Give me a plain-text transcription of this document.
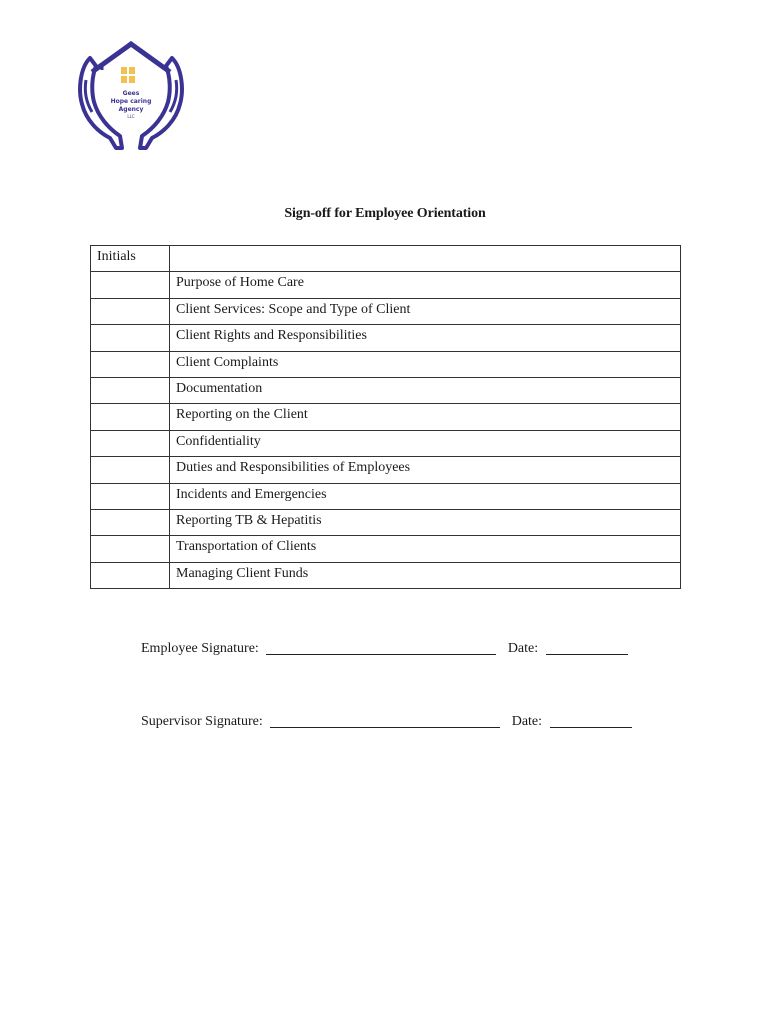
Gees
Hope caring
Agency
LLC
Sign-off for Employee Orientation
Initials	
	Purpose of Home Care
	Client Services: Scope and Type of Client
	Client Rights and Responsibilities
	Client Complaints
	Documentation
	Reporting on the Client
	Confidentiality
	Duties and Responsibilities of Employees
	Incidents and Emergencies
	Reporting TB & Hepatitis
	Transportation of Clients
	Managing Client Funds
Employee Signature:	Date:
Supervisor Signature:	Date:
